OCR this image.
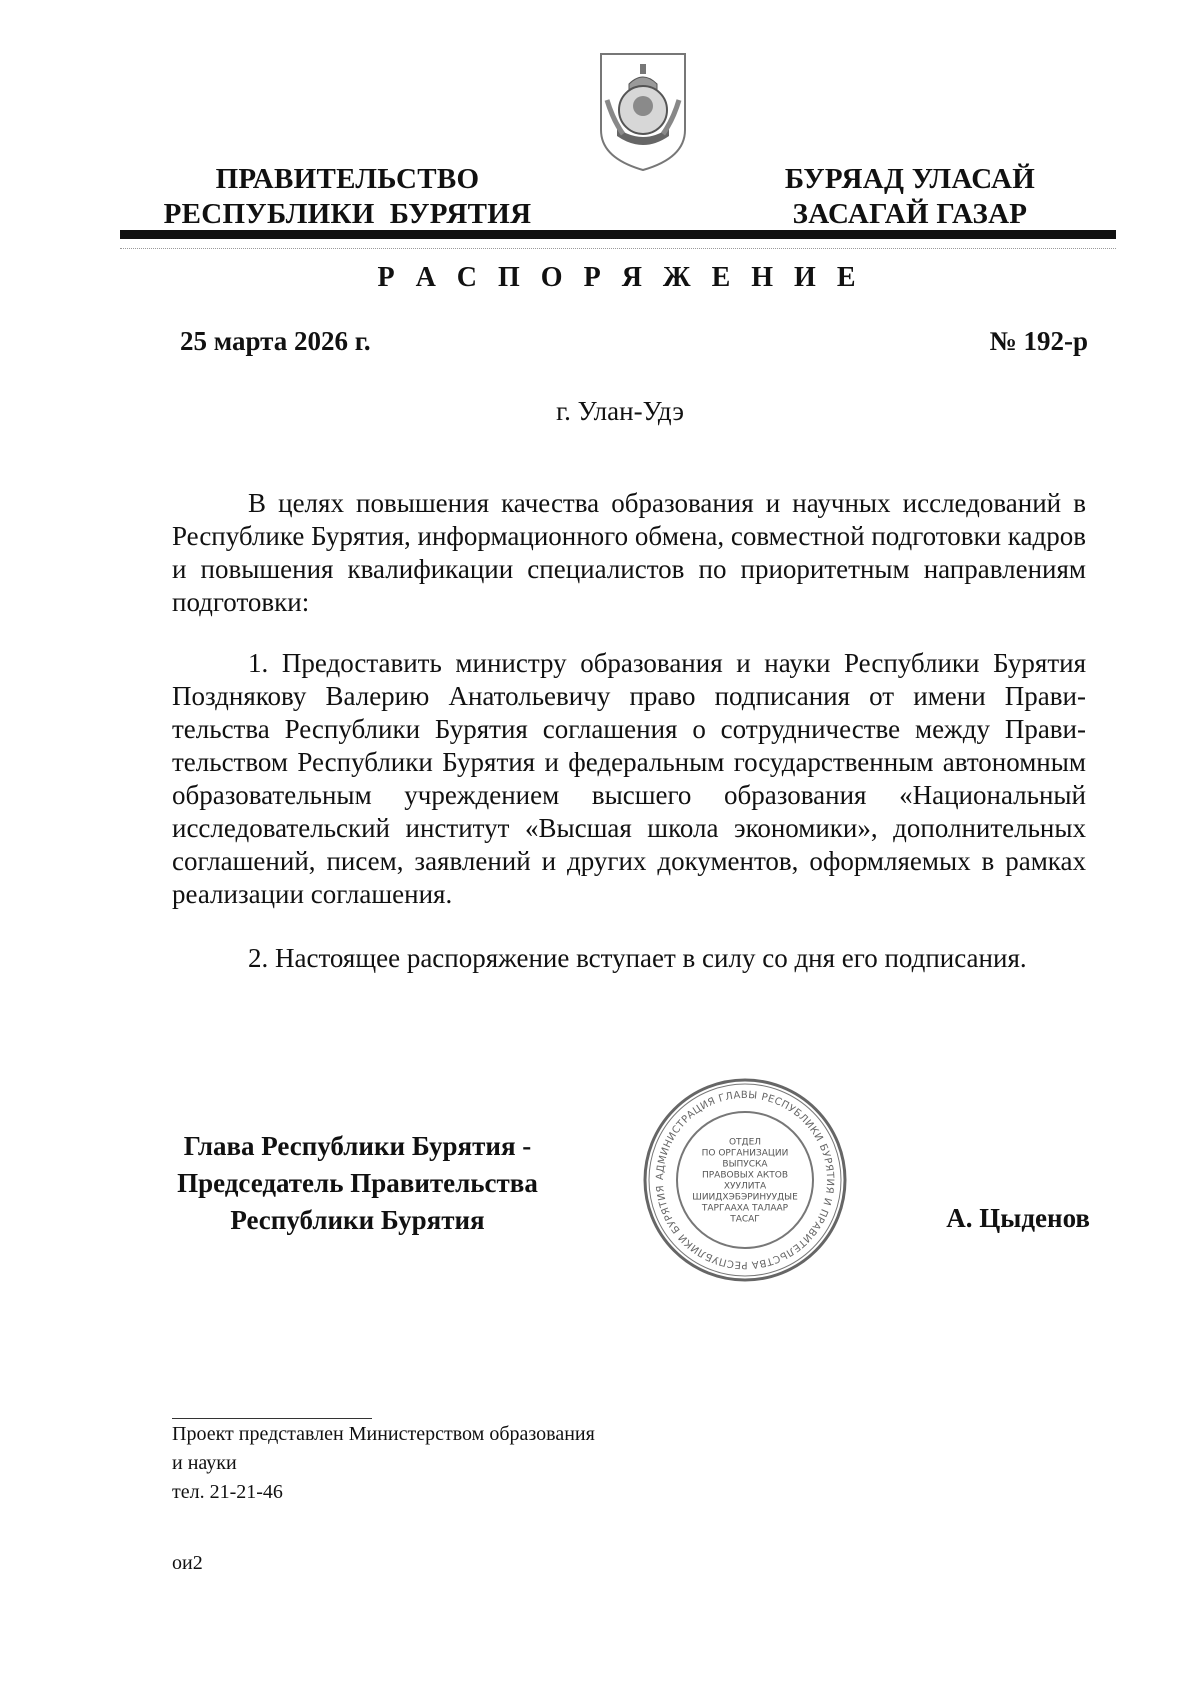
ПРАВИТЕЛЬСТВО
РЕСПУБЛИКИ  БУРЯТИЯ
БУРЯАД УЛАСАЙ
ЗАСАГАЙ ГАЗАР
Р А С П О Р Я Ж Е Н И Е
25 марта 2026 г.	№ 192-р
г. Улан-Удэ
В целях повышения качества образования и научных исследований в Республике Бурятия, информационного обмена, совместной подготовки кадров и повышения квалификации специалистов по приоритетным направлениям подготовки:
1. Предоставить министру образования и науки Республики Бурятия Позднякову Валерию Анатольевичу право подписания от имени Правительства Республики Бурятия соглашения о сотрудничестве между Правительством Республики Бурятия и федеральным государственным автономным образовательным учреждением высшего образования «Национальный исследовательский институт «Высшая школа экономики», дополнительных соглашений, писем, заявлений и других документов, оформляемых в рамках реализации соглашения.
2. Настоящее распоряжение вступает в силу со дня его подписания.
Глава Республики Бурятия -
Председатель Правительства
Республики Бурятия
АДМИНИСТРАЦИЯ ГЛАВЫ РЕСПУБЛИКИ БУРЯТИЯ И ПРАВИТЕЛЬСТВА РЕСПУБЛИКИ БУРЯТИЯ
ОТДЕЛ
ПО ОРГАНИЗАЦИИ
ВЫПУСКА
ПРАВОВЫХ АКТОВ
ХУУЛИТА
ШИИДХЭБЭРИНУУДЫЕ
ТАРГААХА ТАЛААР
ТАСАГ	А. Цыденов
Проект представлен Министерством образования
и науки
тел. 21-21-46
ои2
